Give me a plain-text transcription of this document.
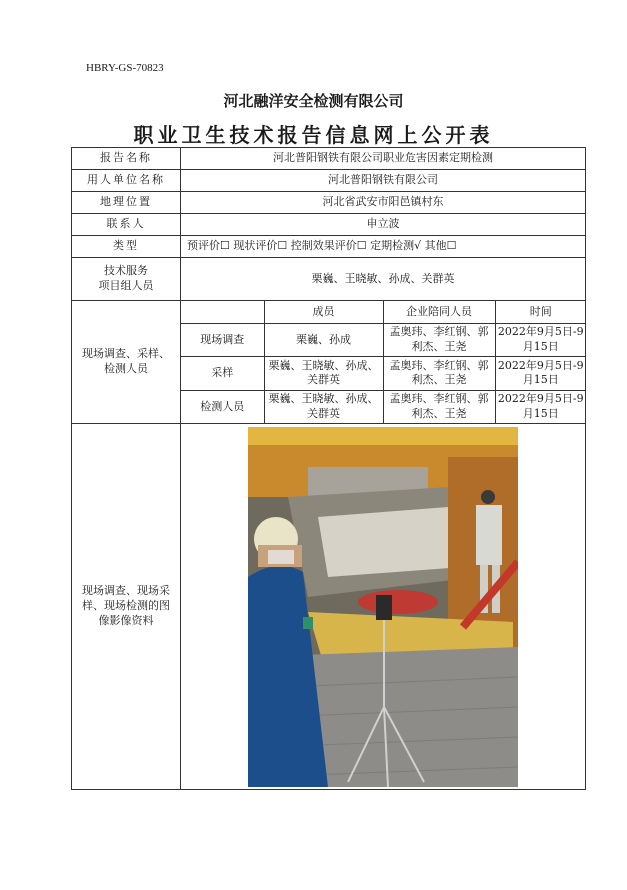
HBRY-GS-70823
河北融洋安全检测有限公司
职业卫生技术报告信息网上公开表
报告名称	河北普阳钢铁有限公司职业危害因素定期检测
用人单位名称	河北普阳钢铁有限公司
地理位置	河北省武安市阳邑镇村东
联系人	申立波
类型	预评价☐ 现状评价☐ 控制效果评价☐ 定期检测√ 其他☐

技术服务
项目组人员
	栗巍、王晓敏、孙成、关群英
现场调查、采样、检测人员	
	成员	企业陪同人员	时间
现场调查	栗巍、孙成	孟奥玮、李红钢、郭利杰、王尧	2022年9月5日-9月15日
采样	栗巍、王晓敏、孙成、关群英	孟奥玮、李红钢、郭利杰、王尧	2022年9月5日-9月15日
检测人员	栗巍、王晓敏、孙成、关群英	孟奥玮、李红钢、郭利杰、王尧	2022年9月5日-9月15日

现场调查、现场采样、现场检测的图像影像资料	
